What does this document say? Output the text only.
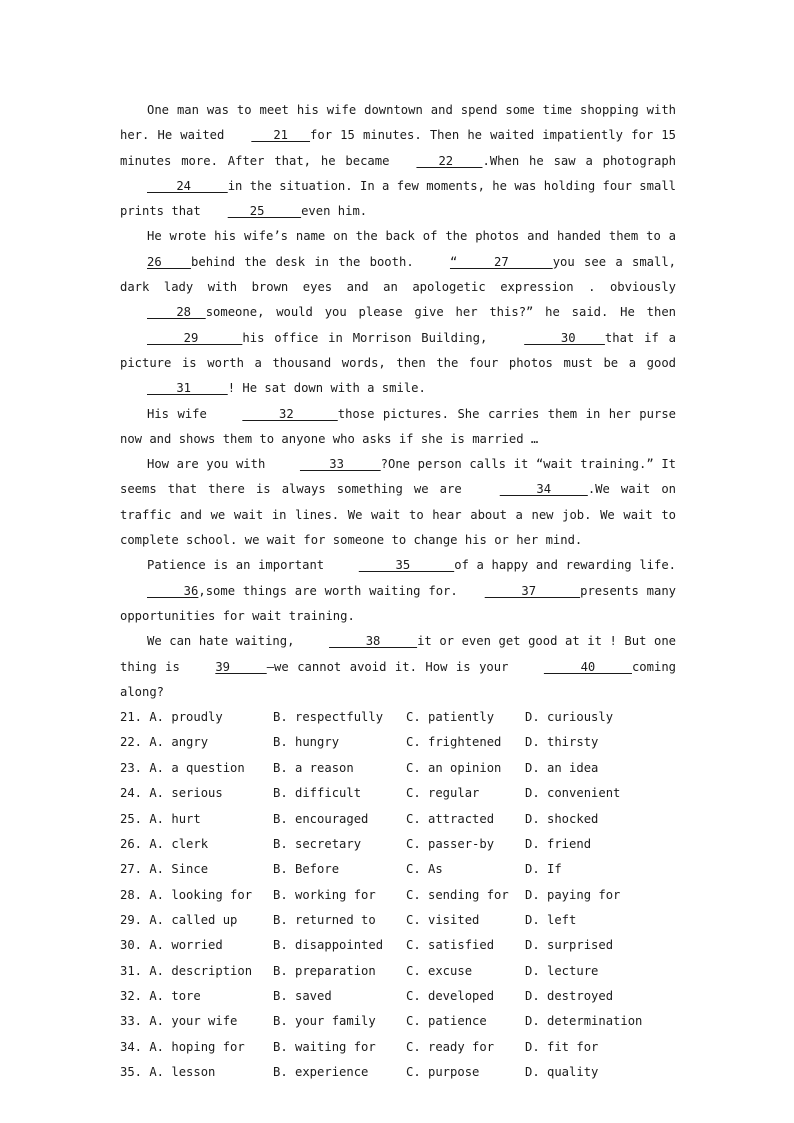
One man was to meet his wife downtown and spend some time shopping with her. He waited   21   for 15 minutes. Then he waited impatiently for 15 minutes more. After that, he became   22    .When he saw a photograph     24     in the situation. In a few moments, he was holding four small prints that   25     even him.

He wrote his wife’s name on the back of the photos and handed them to a 26    behind the desk in the booth. “     27      you see a small, dark lady with brown eyes and an apologetic expression . obviously     28  someone, would you please give her this?” he said. He then      29      his office in Morrison Building,      30    that if a picture is worth a thousand words, then the four photos must be a good     31     ! He sat down with a smile.

His wife      32      those pictures. She carries them in her purse now and shows them to anyone who asks if she is married …

How are you with     33     ?One person calls it “wait training.” It seems that there is always something we are      34     .We wait on traffic and we wait in lines. We wait to hear about a new job. We wait to complete school. we wait for someone to change his or her mind.

Patience is an important      35      of a happy and rewarding life.      36,some things are worth waiting for.     37      presents many opportunities for wait training.

We can hate waiting,      38     it or even get good at it ! But one thing is 39     —we cannot avoid it. How is your      40     coming along?

21. A. proudly	B. respectfully C. patiently	D. curiously
22. A. angry	B. hungry	C. frightened D. thirsty
23. A. a question B. a reason	C. an opinion D. an idea
24. A. serious	B. difficult	C. regular	D. convenient
25. A. hurt	B. encouraged	C. attracted	D. shocked
26. A. clerk	B. secretary	C. passer-by	D. friend
27. A. Since	B. Before	C. As	D. If
28. A. looking for B. working for C. sending for D. paying for
29. A. called up	B. returned to C. visited	D. left
30. A. worried	B. disappointed C. satisfied	D. surprised
31. A. description B. preparation C. excuse	D. lecture
32. A. tore	B. saved	C. developed	D. destroyed
33. A. your wife	B. your family C. patience	D. determination
34. A. hoping for B. waiting for C. ready for	D. fit for
35. A. lesson	B. experience	C. purpose	D. quality
